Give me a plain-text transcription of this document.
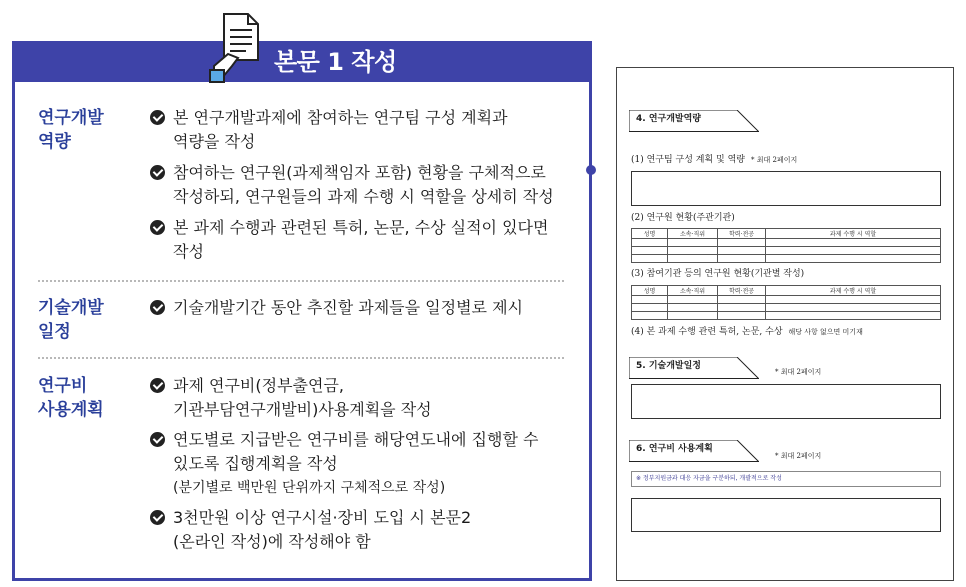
본문 1 작성
연구개발
역량
본 연구개발과제에 참여하는 연구팀 구성 계획과
역량을 작성
참여하는 연구원(과제책임자 포함) 현황을 구체적으로
작성하되, 연구원들의 과제 수행 시 역할을 상세히 작성
본 과제 수행과 관련된 특허, 논문, 수상 실적이 있다면
작성
기술개발
일정
기술개발기간 동안 추진할 과제들을 일정별로 제시
연구비
사용계획
과제 연구비(정부출연금,
기관부담연구개발비)사용계획을 작성
연도별로 지급받은 연구비를 해당연도내에 집행할 수
있도록 집행계획을 작성
(분기별로 백만원 단위까지 구체적으로 작성)
3천만원 이상 연구시설·장비 도입 시 본문2
(온라인 작성)에 작성해야 함
4. 연구개발역량
(1) 연구팀 구성 계획 및 역량 * 최대 2페이지
(2) 연구원 현황(주관기관)
성명	소속·직위	학력·전공	과제 수행 시 역할

(3) 참여기관 등의 연구원 현황(기관별 작성)
성명	소속·직위	학력·전공	과제 수행 시 역할

(4) 본 과제 수행 관련 특허, 논문, 수상 해당 사항 없으면 미기재
5. 기술개발일정
* 최대 2페이지
6. 연구비 사용계획
* 최대 2페이지
※ 정부지원금과 대응 자금을 구분하되, 개괄적으로 작성
